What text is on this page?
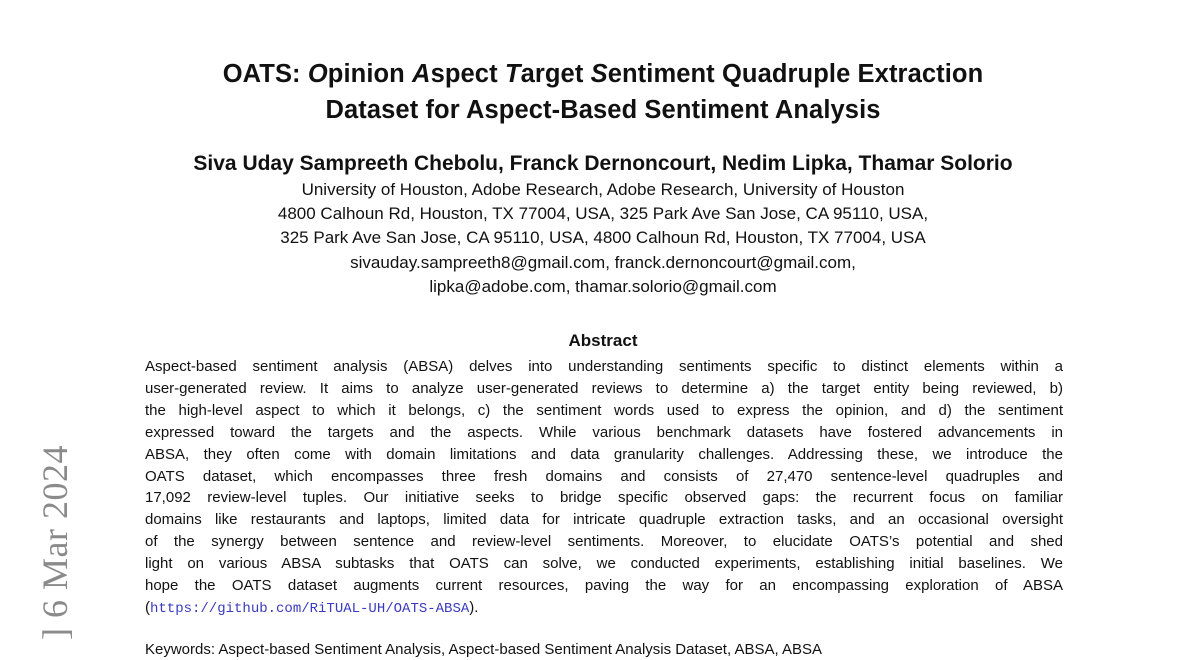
OATS: Opinion Aspect Target Sentiment Quadruple Extraction
Dataset for Aspect-Based Sentiment Analysis
Siva Uday Sampreeth Chebolu, Franck Dernoncourt, Nedim Lipka, Thamar Solorio
University of Houston, Adobe Research, Adobe Research, University of Houston
4800 Calhoun Rd, Houston, TX 77004, USA, 325 Park Ave San Jose, CA 95110, USA,
325 Park Ave San Jose, CA 95110, USA, 4800 Calhoun Rd, Houston, TX 77004, USA
sivauday.sampreeth8@gmail.com, franck.dernoncourt@gmail.com,
lipka@adobe.com, thamar.solorio@gmail.com
Abstract
Aspect-based sentiment analysis (ABSA) delves into understanding sentiments specific to distinct elements within a
user-generated review. It aims to analyze user-generated reviews to determine a) the target entity being reviewed, b)
the high-level aspect to which it belongs, c) the sentiment words used to express the opinion, and d) the sentiment
expressed toward the targets and the aspects. While various benchmark datasets have fostered advancements in
ABSA, they often come with domain limitations and data granularity challenges. Addressing these, we introduce the
OATS dataset, which encompasses three fresh domains and consists of 27,470 sentence-level quadruples and
17,092 review-level tuples. Our initiative seeks to bridge specific observed gaps: the recurrent focus on familiar
domains like restaurants and laptops, limited data for intricate quadruple extraction tasks, and an occasional oversight
of the synergy between sentence and review-level sentiments. Moreover, to elucidate OATS’s potential and shed
light on various ABSA subtasks that OATS can solve, we conducted experiments, establishing initial baselines. We
hope the OATS dataset augments current resources, paving the way for an encompassing exploration of ABSA
(https://github.com/RiTUAL-UH/OATS-ABSA).
] 6 Mar 2024
Keywords: Aspect-based Sentiment Analysis, Aspect-based Sentiment Analysis Dataset, ABSA, ABSA
